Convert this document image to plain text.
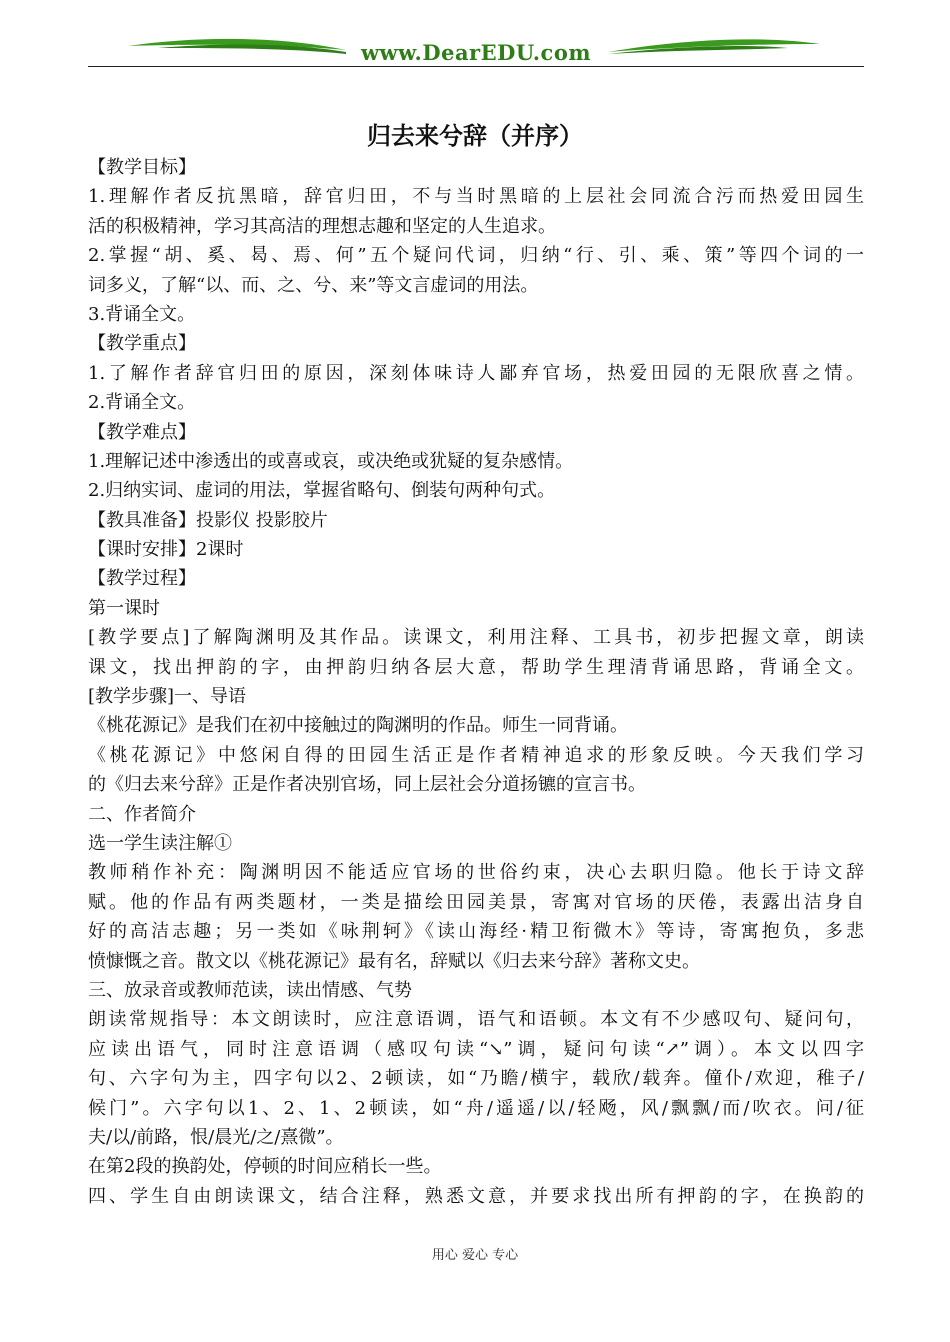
www.DearEDU.com
归去来兮辞（并序）
【教学目标】
1.理解作者反抗黑暗，辞官归田，不与当时黑暗的上层社会同流合污而热爱田园生
活的积极精神，学习其高洁的理想志趣和坚定的人生追求。
2.掌握“胡、奚、曷、焉、何”五个疑问代词，归纳“行、引、乘、策”等四个词的一
词多义，了解“以、而、之、兮、来”等文言虚词的用法。
3.背诵全文。
【教学重点】
1.了解作者辞官归田的原因，深刻体味诗人鄙弃官场，热爱田园的无限欣喜之情。
2.背诵全文。
【教学难点】
1.理解记述中渗透出的或喜或哀，或决绝或犹疑的复杂感情。
2.归纳实词、虚词的用法，掌握省略句、倒装句两种句式。
【教具准备】投影仪 投影胶片
【课时安排】2课时
【教学过程】
第一课时
[教学要点]了解陶渊明及其作品。读课文，利用注释、工具书，初步把握文章，朗读
课文，找出押韵的字，由押韵归纳各层大意，帮助学生理清背诵思路，背诵全文。
[教学步骤]一、导语
《桃花源记》是我们在初中接触过的陶渊明的作品。师生一同背诵。
《桃花源记》中悠闲自得的田园生活正是作者精神追求的形象反映。今天我们学习
的《归去来兮辞》正是作者决别官场，同上层社会分道扬镳的宣言书。
二、作者简介
选一学生读注解①
教师稍作补充：陶渊明因不能适应官场的世俗约束，决心去职归隐。他长于诗文辞
赋。他的作品有两类题材，一类是描绘田园美景，寄寓对官场的厌倦，表露出洁身自
好的高洁志趣；另一类如《咏荆轲》《读山海经·精卫衔微木》等诗，寄寓抱负，多悲
愤慷慨之音。散文以《桃花源记》最有名，辞赋以《归去来兮辞》著称文史。
三、放录音或教师范读，读出情感、气势
朗读常规指导：本文朗读时，应注意语调，语气和语顿。本文有不少感叹句、疑问句，
应读出语气，同时注意语调（感叹句读“↘”调，疑问句读“↗”调）。本文以四字
句、六字句为主，四字句以2、2顿读，如“乃瞻/横宇，载欣/载奔。僮仆/欢迎，稚子/
候门”。六字句以1、2、1、2顿读，如“舟/遥遥/以/轻飏，风/飘飘/而/吹衣。问/征
夫/以/前路，恨/晨光/之/熹微”。
在第2段的换韵处，停顿的时间应稍长一些。
四、学生自由朗读课文，结合注释，熟悉文意，并要求找出所有押韵的字，在换韵的
用心 爱心 专心
